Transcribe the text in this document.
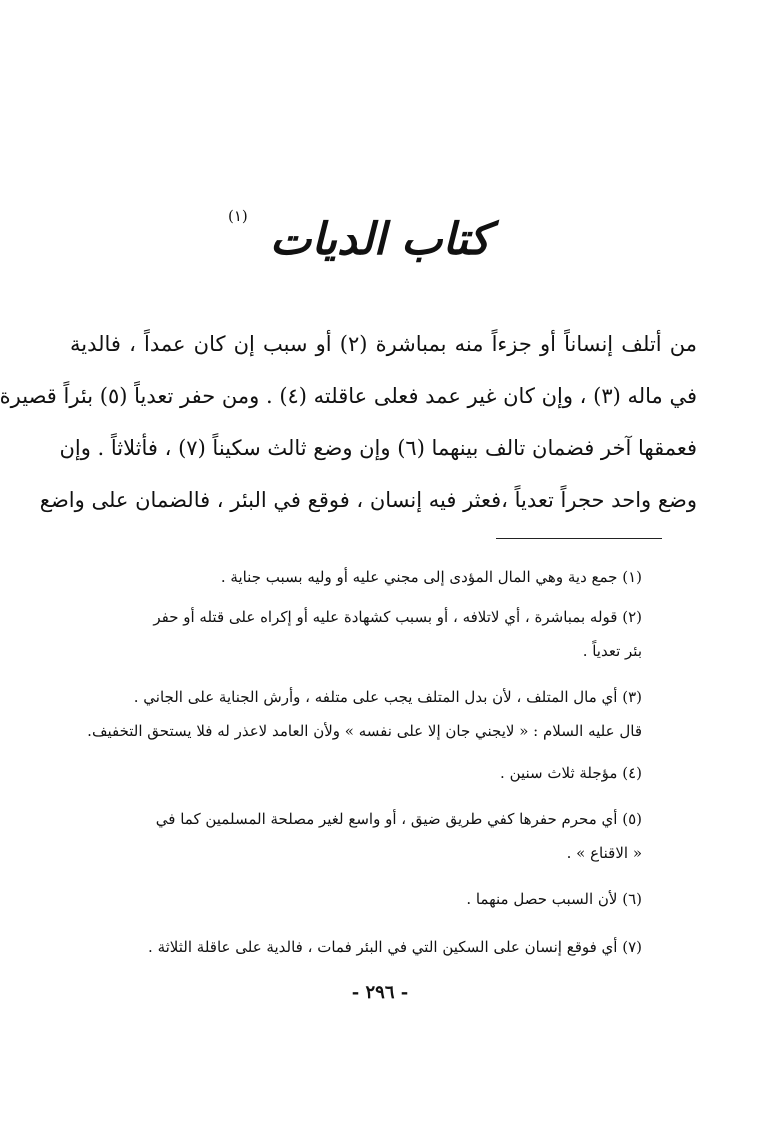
كتاب الديات
(١)
من أتلف إنساناً أو جزءاً منه بمباشرة (٢) أو سبب إن كان عمداً ، فالدية
في ماله (٣) ، وإن كان غير عمد فعلى عاقلته (٤) . ومن حفر تعدياً (٥) بئراً قصيرة
فعمقها آخر فضمان تالف بينهما (٦) وإن وضع ثالث سكيناً (٧) ، فأثلاثاً . وإن
وضع واحد حجراً تعدياً ،فعثر فيه إنسان ، فوقع في البئر ، فالضمان على واضع
(١) جمع دية وهي المال المؤدى إلى مجني عليه أو وليه بسبب جناية .
(٢) قوله بمباشرة ، أي لاتلافه ، أو بسبب كشهادة عليه أو إكراه على قتله أو حفر
بئر تعدياً .
(٣) أي مال المتلف ، لأن بدل المتلف يجب على متلفه ، وأرش الجناية على الجاني .
قال عليه السلام : « لايجني جان إلا على نفسه » ولأن العامد لاعذر له فلا يستحق التخفيف.
(٤) مؤجلة ثلاث سنين .
(٥) أي محرم حفرها كفي طريق ضيق ، أو واسع لغير مصلحة المسلمين كما في
« الاقناع » .
(٦) لأن السبب حصل منهما .
(٧) أي فوقع إنسان على السكين التي في البئر فمات ، فالدية على عاقلة الثلاثة .
- ٢٩٦ -
